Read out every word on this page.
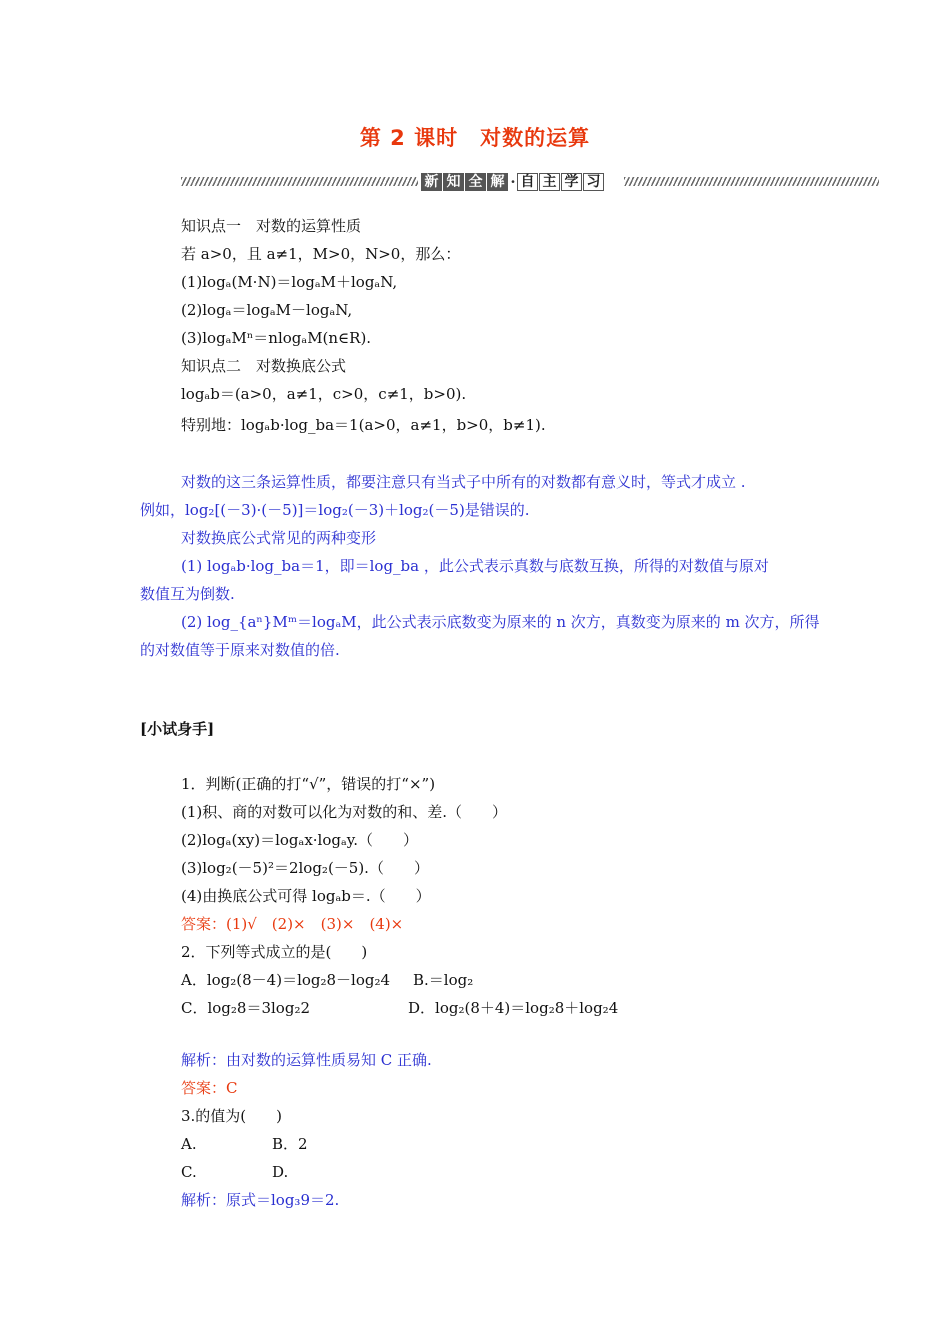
第 2 课时　对数的运算
新 知 全 解 · 自 主 学 习
知识点一　对数的运算性质
若 a>0，且 a≠1，M>0，N>0，那么：
(1)logₐ(M·N)＝logₐM＋logₐN,
(2)logₐ＝logₐM－logₐN,
(3)logₐMⁿ＝nlogₐM(n∈R).
知识点二　对数换底公式
logₐb＝(a>0，a≠1，c>0，c≠1，b>0).
特别地：logₐb·log_ba＝1(a>0，a≠1，b>0，b≠1).
对数的这三条运算性质，都要注意只有当式子中所有的对数都有意义时，等式才成立 .
例如，log₂[(－3)·(－5)]＝log₂(－3)＋log₂(－5)是错误的.
对数换底公式常见的两种变形
(1) logₐb·log_ba＝1，即＝log_ba ，此公式表示真数与底数互换，所得的对数值与原对
数值互为倒数.
(2) log_{aⁿ}Mᵐ＝logₐM，此公式表示底数变为原来的 n 次方，真数变为原来的 m 次方，所得
的对数值等于原来对数值的倍.
[小试身手]
1．判断(正确的打“√”，错误的打“×”)
(1)积、商的对数可以化为对数的和、差.（　　）
(2)logₐ(xy)＝logₐx·logₐy.（　　）
(3)log₂(－5)²＝2log₂(－5).（　　）
(4)由换底公式可得 logₐb＝.（　　）
答案：(1)√　(2)×　(3)×　(4)×
2．下列等式成立的是(　　)
A．log₂(8－4)＝log₂8－log₂4 B.＝log₂
C．log₂8＝3log₂2	D．log₂(8＋4)＝log₂8＋log₂4
解析：由对数的运算性质易知 C 正确.
答案：C
3.的值为(　　)
A.	B．2
C.	D.
解析：原式＝log₃9＝2.
